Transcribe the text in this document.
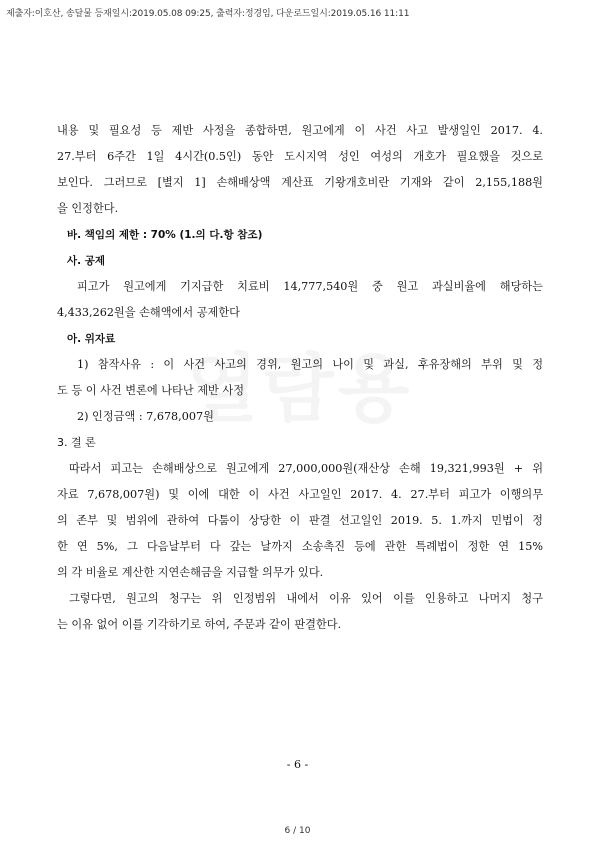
제출자:이호산, 송달물 등재일시:2019.05.08 09:25, 출력자:정경임, 다운로드일시:2019.05.16 11:11

내용 및 필요성 등 제반 사정을 종합하면, 원고에게 이 사건 사고 발생일인 2017. 4.

27.부터 6주간 1일 4시간(0.5인) 동안 도시지역 성인 여성의 개호가 필요했을 것으로

보인다. 그러므로 [별지 1] 손해배상액 계산표 기왕개호비란 기재와 같이 2,155,188원

을 인정한다.

바. 책임의 제한 : 70% (1.의 다.항 참조)

사. 공제

피고가 원고에게 기지급한 치료비 14,777,540원 중 원고 과실비율에 해당하는

4,433,262원을 손해액에서 공제한다

아. 위자료

1) 참작사유 : 이 사건 사고의 경위, 원고의 나이 및 과실, 후유장해의 부위 및 정

도 등 이 사건 변론에 나타난 제반 사정

2) 인정금액 : 7,678,007원

3. 결 론

따라서 피고는 손해배상으로 원고에게 27,000,000원(재산상 손해 19,321,993원 + 위

자료 7,678,007원) 및 이에 대한 이 사건 사고일인 2017. 4. 27.부터 피고가 이행의무

의 존부 및 범위에 관하여 다툼이 상당한 이 판결 선고일인 2019. 5. 1.까지 민법이 정

한 연 5%, 그 다음날부터 다 갚는 날까지 소송촉진 등에 관한 특례법이 정한 연 15%

의 각 비율로 계산한 지연손해금을 지급할 의무가 있다.

그렇다면, 원고의 청구는 위 인정범위 내에서 이유 있어 이를 인용하고 나머지 청구

는 이유 없어 이를 기각하기로 하여, 주문과 같이 판결한다.

- 6 -
6 / 10
